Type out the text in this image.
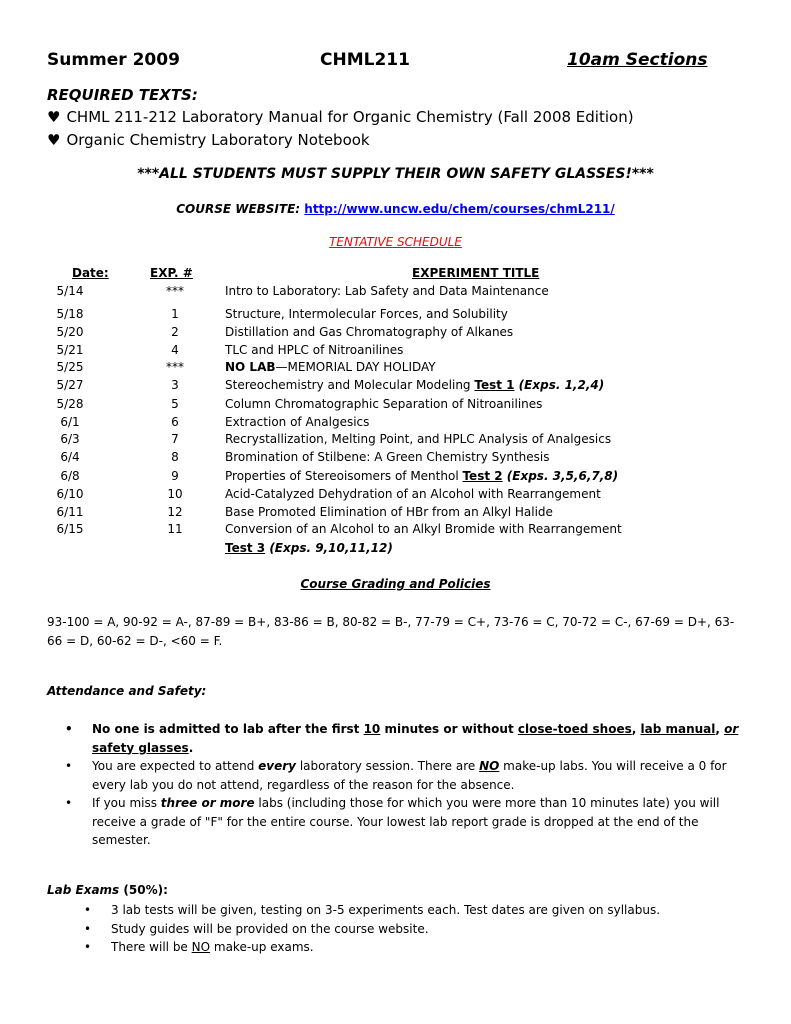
Summer 2009	CHML211	10am Sections
REQUIRED TEXTS:
♥ CHML 211-212 Laboratory Manual for Organic Chemistry (Fall 2008 Edition)
♥ Organic Chemistry Laboratory Notebook
***ALL STUDENTS MUST SUPPLY THEIR OWN SAFETY GLASSES!***
COURSE WEBSITE: http://www.uncw.edu/chem/courses/chmL211/
TENTATIVE SCHEDULE
Date:	EXP. #	EXPERIMENT TITLE
5/14	***	Intro to Laboratory: Lab Safety and Data Maintenance
5/18	1	Structure, Intermolecular Forces, and Solubility
5/20	2	Distillation and Gas Chromatography of Alkanes
5/21	4	TLC and HPLC of Nitroanilines
5/25	***	NO LAB—MEMORIAL DAY HOLIDAY
5/27	3	Stereochemistry and Molecular Modeling Test 1 (Exps. 1,2,4)
5/28	5	Column Chromatographic Separation of Nitroanilines
6/1	6	Extraction of Analgesics
6/3	7	Recrystallization, Melting Point, and HPLC Analysis of Analgesics
6/4	8	Bromination of Stilbene: A Green Chemistry Synthesis
6/8	9	Properties of Stereoisomers of Menthol Test 2 (Exps. 3,5,6,7,8)
6/10	10	Acid-Catalyzed Dehydration of an Alcohol with Rearrangement
6/11	12	Base Promoted Elimination of HBr from an Alkyl Halide
6/15	11	Conversion of an Alcohol to an Alkyl Bromide with Rearrangement
Test 3 (Exps. 9,10,11,12)
Course Grading and Policies
93-100 = A, 90-92 = A-, 87-89 = B+, 83-86 = B, 80-82 = B-, 77-79 = C+, 73-76 = C, 70-72 = C-, 67-69 = D+, 63-66 = D, 60-62 = D-, <60 = F.
Attendance and Safety:

• No one is admitted to lab after the first 10 minutes or without close-toed shoes, lab manual, or safety glasses.

• You are expected to attend every laboratory session. There are NO make-up labs. You will receive a 0 for every lab you do not attend, regardless of the reason for the absence.

• If you miss three or more labs (including those for which you were more than 10 minutes late) you will receive a grade of "F" for the entire course. Your lowest lab report grade is dropped at the end of the semester.

Lab Exams (50%):

• 3 lab tests will be given, testing on 3-5 experiments each. Test dates are given on syllabus.

• Study guides will be provided on the course website.

• There will be NO make-up exams.
